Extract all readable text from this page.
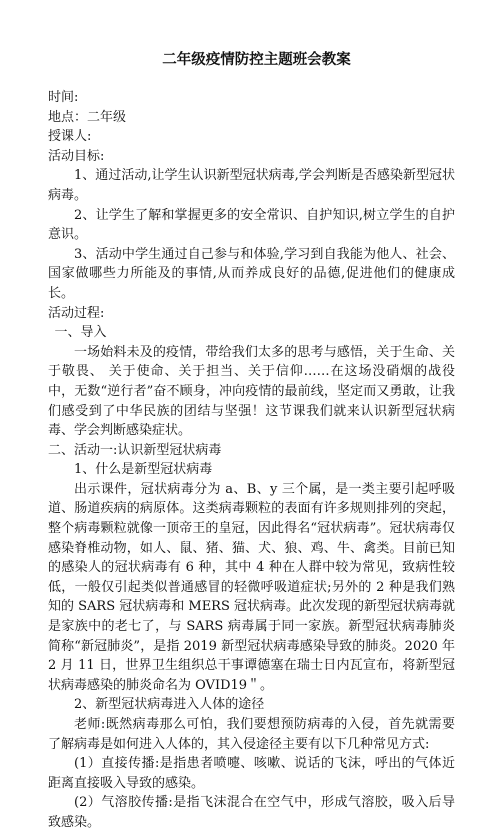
二年级疫情防控主题班会教案

时间:

地点：二年级

授课人:

活动目标:

1、通过活动,让学生认识新型冠状病毒,学会判断是否感染新型冠状病毒。

2、让学生了解和掌握更多的安全常识、自护知识,树立学生的自护意识。

3、活动中学生通过自己参与和体验,学习到自我能为他人、社会、国家做哪些力所能及的事情,从而养成良好的品德,促进他们的健康成长。

活动过程:

一、导入

一场始料未及的疫情，带给我们太多的思考与感悟，关于生命、关于敬畏、 关于使命、关于担当、关于信仰……在这场没硝烟的战役中，无数“逆行者”奋不顾身，冲向疫情的最前线，坚定而又勇敢，让我们感受到了中华民族的团结与坚强！这节课我们就来认识新型冠状病毒、学会判断感染症状。

二、活动一:认识新型冠状病毒

1、什么是新型冠状病毒

出示课件，冠状病毒分为 a、B、y 三个属，是一类主要引起呼吸道、肠道疾病的病原体。这类病毒颗粒的表面有许多规则排列的突起，整个病毒颗粒就像一顶帝王的皇冠，因此得名“冠状病毒”。冠状病毒仅感染脊椎动物，如人、鼠、猪、猫、犬、狼、鸡、牛、禽类。目前已知的感染人的冠状病毒有 6 种，其中 4 种在人群中较为常见，致病性较低，一般仅引起类似普通感冒的轻微呼吸道症状;另外的 2 种是我们熟知的 SARS 冠状病毒和 MERS 冠状病毒。此次发现的新型冠状病毒就是家族中的老七了，与 SARS 病毒属于同一家族。新型冠状病毒肺炎简称“新冠肺炎”，是指 2019 新型冠状病毒感染导致的肺炎。2020 年 2 月 11 日，世界卫生组织总干事谭德塞在瑞士日内瓦宣布，将新型冠状病毒感染的肺炎命名为 OVID19＂。

2、新型冠状病毒进入人体的途径

老师:既然病毒那么可怕，我们要想预防病毒的入侵，首先就需要了解病毒是如何进入人体的，其入侵途径主要有以下几种常见方式:

(1）直接传播:是指患者喷嚏、咳嗽、说话的飞沫，呼出的气体近距离直接吸入导致的感染。

(2）气溶胶传播:是指飞沫混合在空气中，形成气溶胶，吸入后导致感染。
